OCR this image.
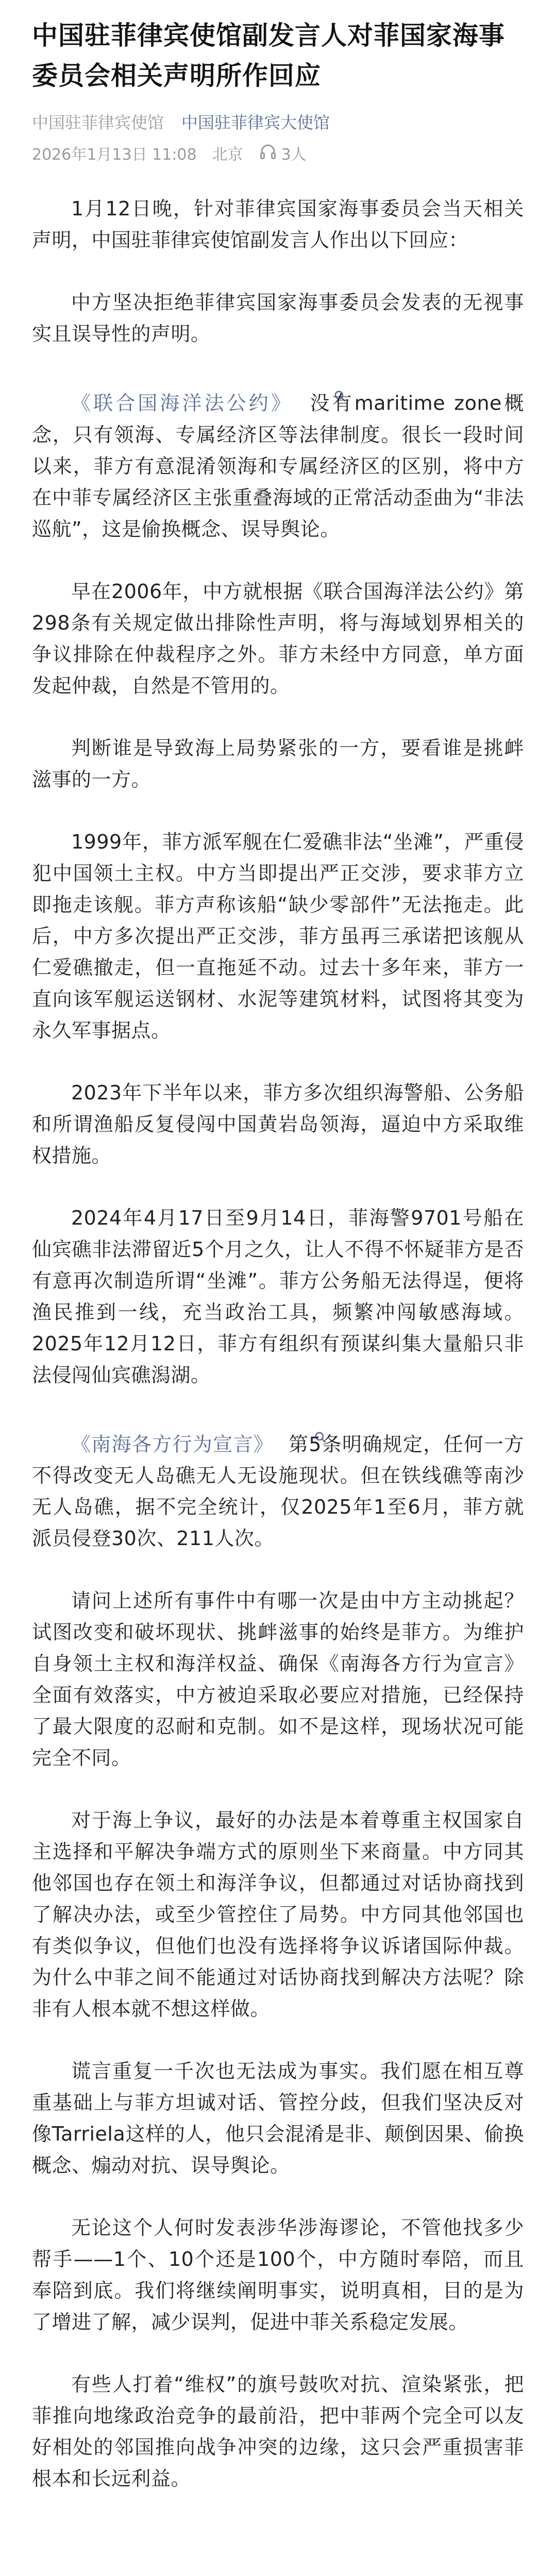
中国驻菲律宾使馆副发言人对菲国家海事委员会相关声明所作回应
中国驻菲律宾使馆 中国驻菲律宾大使馆
2026年1月13日 11:08 北京 3人

1月12日晚，针对菲律宾国家海事委员会当天相关声明，中国驻菲律宾使馆副发言人作出以下回应：

中方坚决拒绝菲律宾国家海事委员会发表的无视事实且误导性的声明。

《联合国海洋法公约》 没有maritime zone概念，只有领海、专属经济区等法律制度。很长一段时间以来，菲方有意混淆领海和专属经济区的区别，将中方在中菲专属经济区主张重叠海域的正常活动歪曲为“非法巡航”，这是偷换概念、误导舆论。

早在2006年，中方就根据《联合国海洋法公约》第298条有关规定做出排除性声明，将与海域划界相关的争议排除在仲裁程序之外。菲方未经中方同意，单方面发起仲裁，自然是不管用的。

判断谁是导致海上局势紧张的一方，要看谁是挑衅滋事的一方。

1999年，菲方派军舰在仁爱礁非法“坐滩”，严重侵犯中国领土主权。中方当即提出严正交涉，要求菲方立即拖走该舰。菲方声称该船“缺少零部件”无法拖走。此后，中方多次提出严正交涉，菲方虽再三承诺把该舰从仁爱礁撤走，但一直拖延不动。过去十多年来，菲方一直向该军舰运送钢材、水泥等建筑材料，试图将其变为永久军事据点。

2023年下半年以来，菲方多次组织海警船、公务船和所谓渔船反复侵闯中国黄岩岛领海，逼迫中方采取维权措施。

2024年4月17日至9月14日，菲海警9701号船在仙宾礁非法滞留近5个月之久，让人不得不怀疑菲方是否有意再次制造所谓“坐滩”。菲方公务船无法得逞，便将渔民推到一线，充当政治工具，频繁冲闯敏感海域。2025年12月12日，菲方有组织有预谋纠集大量船只非法侵闯仙宾礁潟湖。

《南海各方行为宣言》 第5条明确规定，任何一方不得改变无人岛礁无人无设施现状。但在铁线礁等南沙无人岛礁，据不完全统计，仅2025年1至6月，菲方就派员侵登30次、211人次。

请问上述所有事件中有哪一次是由中方主动挑起？试图改变和破坏现状、挑衅滋事的始终是菲方。为维护自身领土主权和海洋权益、确保《南海各方行为宣言》全面有效落实，中方被迫采取必要应对措施，已经保持了最大限度的忍耐和克制。如不是这样，现场状况可能完全不同。

对于海上争议，最好的办法是本着尊重主权国家自主选择和平解决争端方式的原则坐下来商量。中方同其他邻国也存在领土和海洋争议，但都通过对话协商找到了解决办法，或至少管控住了局势。中方同其他邻国也有类似争议，但他们也没有选择将争议诉诸国际仲裁。为什么中菲之间不能通过对话协商找到解决方法呢？除非有人根本就不想这样做。

谎言重复一千次也无法成为事实。我们愿在相互尊重基础上与菲方坦诚对话、管控分歧，但我们坚决反对像Tarriela这样的人，他只会混淆是非、颠倒因果、偷换概念、煽动对抗、误导舆论。

无论这个人何时发表涉华涉海谬论，不管他找多少帮手——1个、10个还是100个，中方随时奉陪，而且奉陪到底。我们将继续阐明事实，说明真相，目的是为了增进了解，减少误判，促进中菲关系稳定发展。

有些人打着“维权”的旗号鼓吹对抗、渲染紧张，把菲推向地缘政治竞争的最前沿，把中菲两个完全可以友好相处的邻国推向战争冲突的边缘，这只会严重损害菲根本和长远利益。
